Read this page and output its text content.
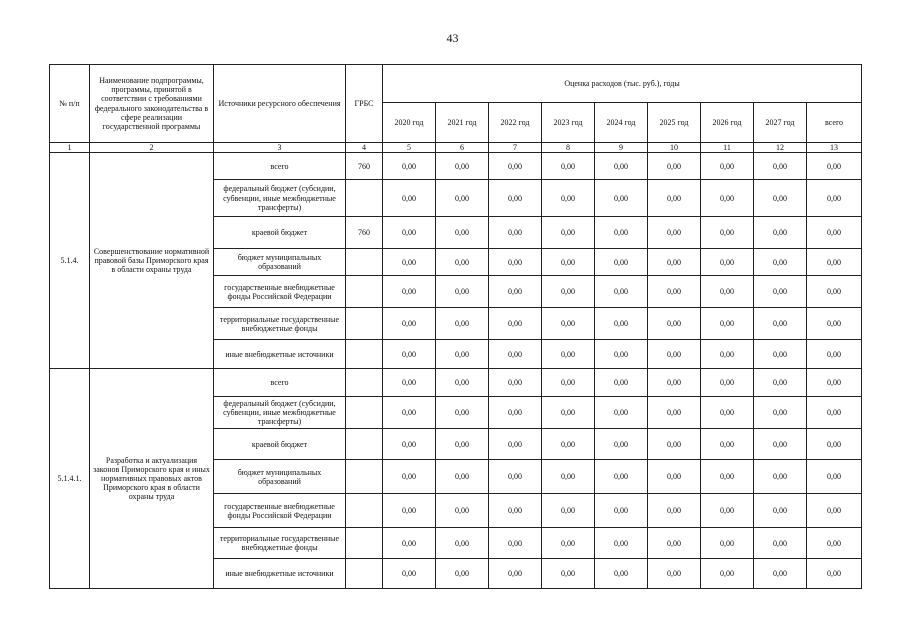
43
№ п/п	Наименование подпрограммы, программы, принятой в соответствии с требованиями федерального законодательства в сфере реализации государственной программы	Источники ресурсного обеспечения	ГРБС	Оценка расходов (тыс. руб.), годы								
				2020 год	2021 год	2022 год	2023 год	2024 год	2025 год	2026 год	2027 год	всего
1	2	3	4	5	6	7	8	9	10	11	12	13
5.1.4.	Совершенствование нормативной правовой базы Приморского края в области охраны труда	всего	760	0,00	0,00	0,00	0,00	0,00	0,00	0,00	0,00	0,00
		федеральный бюджет (субсидии, субвенции, иные межбюджетные трансферты)		0,00	0,00	0,00	0,00	0,00	0,00	0,00	0,00	0,00
		краевой бюджет	760	0,00	0,00	0,00	0,00	0,00	0,00	0,00	0,00	0,00
		бюджет муниципальных образований		0,00	0,00	0,00	0,00	0,00	0,00	0,00	0,00	0,00
		государственные внебюджетные фонды Российской Федерации		0,00	0,00	0,00	0,00	0,00	0,00	0,00	0,00	0,00
		территориальные государственные внебюджетные фонды		0,00	0,00	0,00	0,00	0,00	0,00	0,00	0,00	0,00
		иные внебюджетные источники		0,00	0,00	0,00	0,00	0,00	0,00	0,00	0,00	0,00
5.1.4.1.	Разработка и актуализация законов Приморского края и иных нормативных правовых актов Приморского края в области охраны труда	всего		0,00	0,00	0,00	0,00	0,00	0,00	0,00	0,00	0,00
		федеральный бюджет (субсидии, субвенции, иные межбюджетные трансферты)		0,00	0,00	0,00	0,00	0,00	0,00	0,00	0,00	0,00
		краевой бюджет		0,00	0,00	0,00	0,00	0,00	0,00	0,00	0,00	0,00
		бюджет муниципальных образований		0,00	0,00	0,00	0,00	0,00	0,00	0,00	0,00	0,00
		государственные внебюджетные фонды Российской Федерации		0,00	0,00	0,00	0,00	0,00	0,00	0,00	0,00	0,00
		территориальные государственные внебюджетные фонды		0,00	0,00	0,00	0,00	0,00	0,00	0,00	0,00	0,00
		иные внебюджетные источники		0,00	0,00	0,00	0,00	0,00	0,00	0,00	0,00	0,00
